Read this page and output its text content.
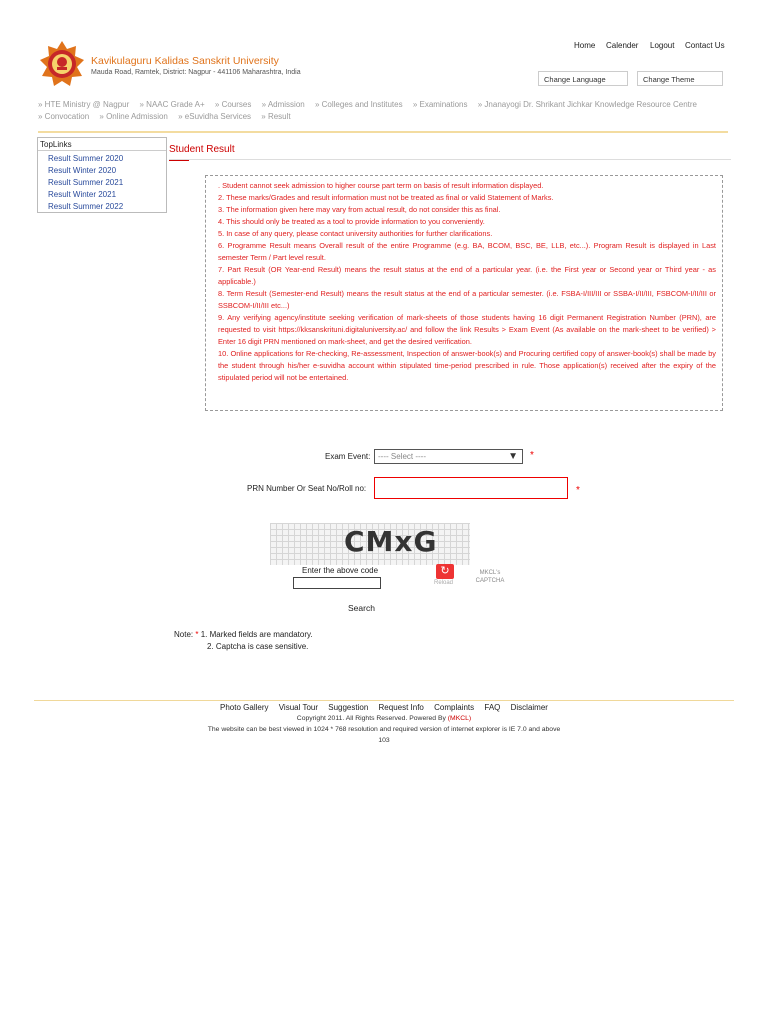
Kavikulaguru Kalidas Sanskrit University
Mauda Road, Ramtek, District: Nagpur - 441106 Maharashtra, India
Home Calender Logout Contact Us
Change Language	Change Theme
» HTE Ministry @ Nagpur » NAAC Grade A+ » Courses » Admission » Colleges and Institutes » Examinations » Jnanayogi Dr. Shrikant Jichkar Knowledge Resource Centre » Convocation » Online Admission » eSuvidha Services » Result
TopLinks
Result Summer 2020
Result Winter 2020
Result Summer 2021
Result Winter 2021
Result Summer 2022
Student Result

. Student cannot seek admission to higher course part term on basis of result information displayed.

2. These marks/Grades and result information must not be treated as final or valid Statement of Marks.

3. The information given here may vary from actual result, do not consider this as final.

4. This should only be treated as a tool to provide information to you conveniently.

5. In case of any query, please contact university authorities for further clarifications.

6. Programme Result means Overall result of the entire Programme (e.g. BA, BCOM, BSC, BE, LLB, etc...). Program Result is displayed in Last semester Term / Part level result.

7. Part Result (OR Year-end Result) means the result status at the end of a particular year. (i.e. the First year or Second year or Third year - as applicable.)

8. Term Result (Semester-end Result) means the result status at the end of a particular semester. (i.e. FSBA-I/III/III or SSBA-I/II/III, FSBCOM-I/II/III or SSBCOM-I/II/III etc...)

9. Any verifying agency/institute seeking verification of mark-sheets of those students having 16 digit Permanent Registration Number (PRN), are requested to visit https://kksanskrituni.digitaluniversity.ac/ and follow the link Results > Exam Event (As available on the mark-sheet to be verified) > Enter 16 digit PRN mentioned on mark-sheet, and get the desired verification.

10. Online applications for Re-checking, Re-assessment, Inspection of answer-book(s) and Procuring certified copy of answer-book(s) shall be made by the student through his/her e-suvidha account within stipulated time-period prescribed in rule. Those application(s) received after the expiry of the stipulated period will not be entertained.

Exam Event: ---- Select ----	▼ *
PRN Number Or Seat No/Roll no:	*
CMxG
Enter the above code	↻
Reload
MKCL's
CAPTCHA
Search
Note: * 1. Marked fields are mandatory.
2. Captcha is case sensitive.
Photo Gallery Visual Tour Suggestion Request Info Complaints FAQ Disclaimer
Copyright 2011. All Rights Reserved. Powered By (MKCL)
The website can be best viewed in 1024 * 768 resolution and required version of internet explorer is IE 7.0 and above
103
